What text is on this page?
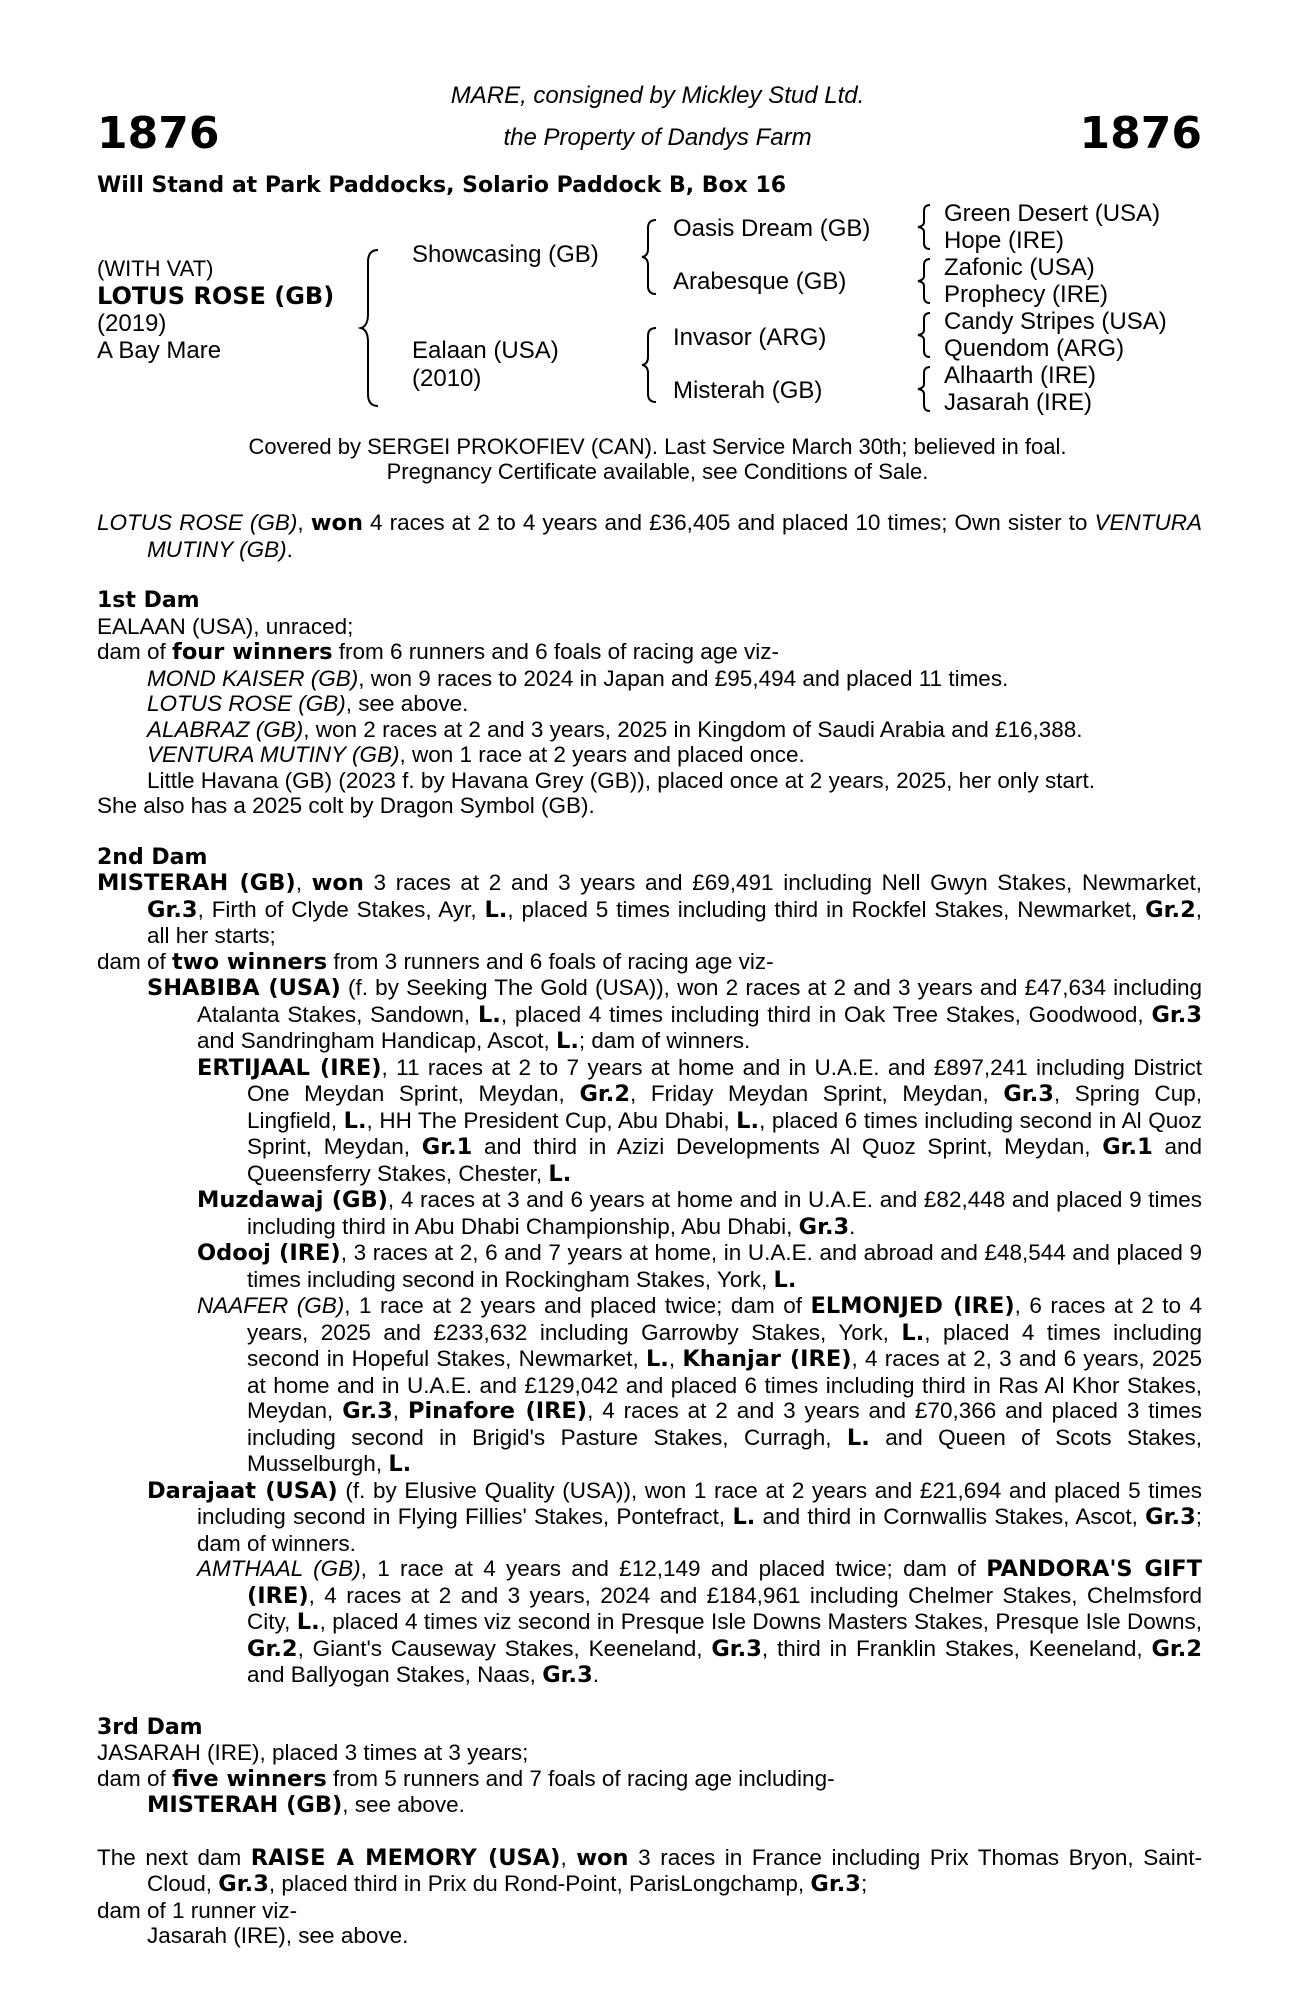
1876	1876
MARE, consigned by Mickley Stud Ltd.
the Property of Dandys Farm
Will Stand at Park Paddocks, Solario Paddock B, Box 16
(WITH VAT)
LOTUS ROSE (GB)
(2019)
A Bay Mare
Showcasing (GB)
Ealaan (USA)
(2010)
Oasis Dream (GB)
Arabesque (GB)
Invasor (ARG)
Misterah (GB)
Green Desert (USA)
Hope (IRE)
Zafonic (USA)
Prophecy (IRE)
Candy Stripes (USA)
Quendom (ARG)
Alhaarth (IRE)
Jasarah (IRE)
Covered by SERGEI PROKOFIEV (CAN). Last Service March 30th; believed in foal.
Pregnancy Certificate available, see Conditions of Sale.

LOTUS ROSE (GB), won 4 races at 2 to 4 years and £36,405 and placed 10 times; Own sister to VENTURA MUTINY (GB).

1st Dam

EALAAN (USA), unraced;

dam of four winners from 6 runners and 6 foals of racing age viz-

MOND KAISER (GB), won 9 races to 2024 in Japan and £95,494 and placed 11 times.

LOTUS ROSE (GB), see above.

ALABRAZ (GB), won 2 races at 2 and 3 years, 2025 in Kingdom of Saudi Arabia and £16,388.

VENTURA MUTINY (GB), won 1 race at 2 years and placed once.

Little Havana (GB) (2023 f. by Havana Grey (GB)), placed once at 2 years, 2025, her only start.

She also has a 2025 colt by Dragon Symbol (GB).

2nd Dam

MISTERAH (GB), won 3 races at 2 and 3 years and £69,491 including Nell Gwyn Stakes, Newmarket, Gr.3, Firth of Clyde Stakes, Ayr, L., placed 5 times including third in Rockfel Stakes, Newmarket, Gr.2, all her starts;

dam of two winners from 3 runners and 6 foals of racing age viz-

SHABIBA (USA) (f. by Seeking The Gold (USA)), won 2 races at 2 and 3 years and £47,634 including Atalanta Stakes, Sandown, L., placed 4 times including third in Oak Tree Stakes, Goodwood, Gr.3 and Sandringham Handicap, Ascot, L.; dam of winners.

ERTIJAAL (IRE), 11 races at 2 to 7 years at home and in U.A.E. and £897,241 including District One Meydan Sprint, Meydan, Gr.2, Friday Meydan Sprint, Meydan, Gr.3, Spring Cup, Lingfield, L., HH The President Cup, Abu Dhabi, L., placed 6 times including second in Al Quoz Sprint, Meydan, Gr.1 and third in Azizi Developments Al Quoz Sprint, Meydan, Gr.1 and Queensferry Stakes, Chester, L.

Muzdawaj (GB), 4 races at 3 and 6 years at home and in U.A.E. and £82,448 and placed 9 times including third in Abu Dhabi Championship, Abu Dhabi, Gr.3.

Odooj (IRE), 3 races at 2, 6 and 7 years at home, in U.A.E. and abroad and £48,544 and placed 9 times including second in Rockingham Stakes, York, L.

NAAFER (GB), 1 race at 2 years and placed twice; dam of ELMONJED (IRE), 6 races at 2 to 4 years, 2025 and £233,632 including Garrowby Stakes, York, L., placed 4 times including second in Hopeful Stakes, Newmarket, L., Khanjar (IRE), 4 races at 2, 3 and 6 years, 2025 at home and in U.A.E. and £129,042 and placed 6 times including third in Ras Al Khor Stakes, Meydan, Gr.3, Pinafore (IRE), 4 races at 2 and 3 years and £70,366 and placed 3 times including second in Brigid's Pasture Stakes, Curragh, L. and Queen of Scots Stakes, Musselburgh, L.

Darajaat (USA) (f. by Elusive Quality (USA)), won 1 race at 2 years and £21,694 and placed 5 times including second in Flying Fillies' Stakes, Pontefract, L. and third in Cornwallis Stakes, Ascot, Gr.3; dam of winners.

AMTHAAL (GB), 1 race at 4 years and £12,149 and placed twice; dam of PANDORA'S GIFT (IRE), 4 races at 2 and 3 years, 2024 and £184,961 including Chelmer Stakes, Chelmsford City, L., placed 4 times viz second in Presque Isle Downs Masters Stakes, Presque Isle Downs, Gr.2, Giant's Causeway Stakes, Keeneland, Gr.3, third in Franklin Stakes, Keeneland, Gr.2 and Ballyogan Stakes, Naas, Gr.3.

3rd Dam

JASARAH (IRE), placed 3 times at 3 years;

dam of five winners from 5 runners and 7 foals of racing age including-

MISTERAH (GB), see above.

The next dam RAISE A MEMORY (USA), won 3 races in France including Prix Thomas Bryon, Saint-Cloud, Gr.3, placed third in Prix du Rond-Point, ParisLongchamp, Gr.3;

dam of 1 runner viz-

Jasarah (IRE), see above.
